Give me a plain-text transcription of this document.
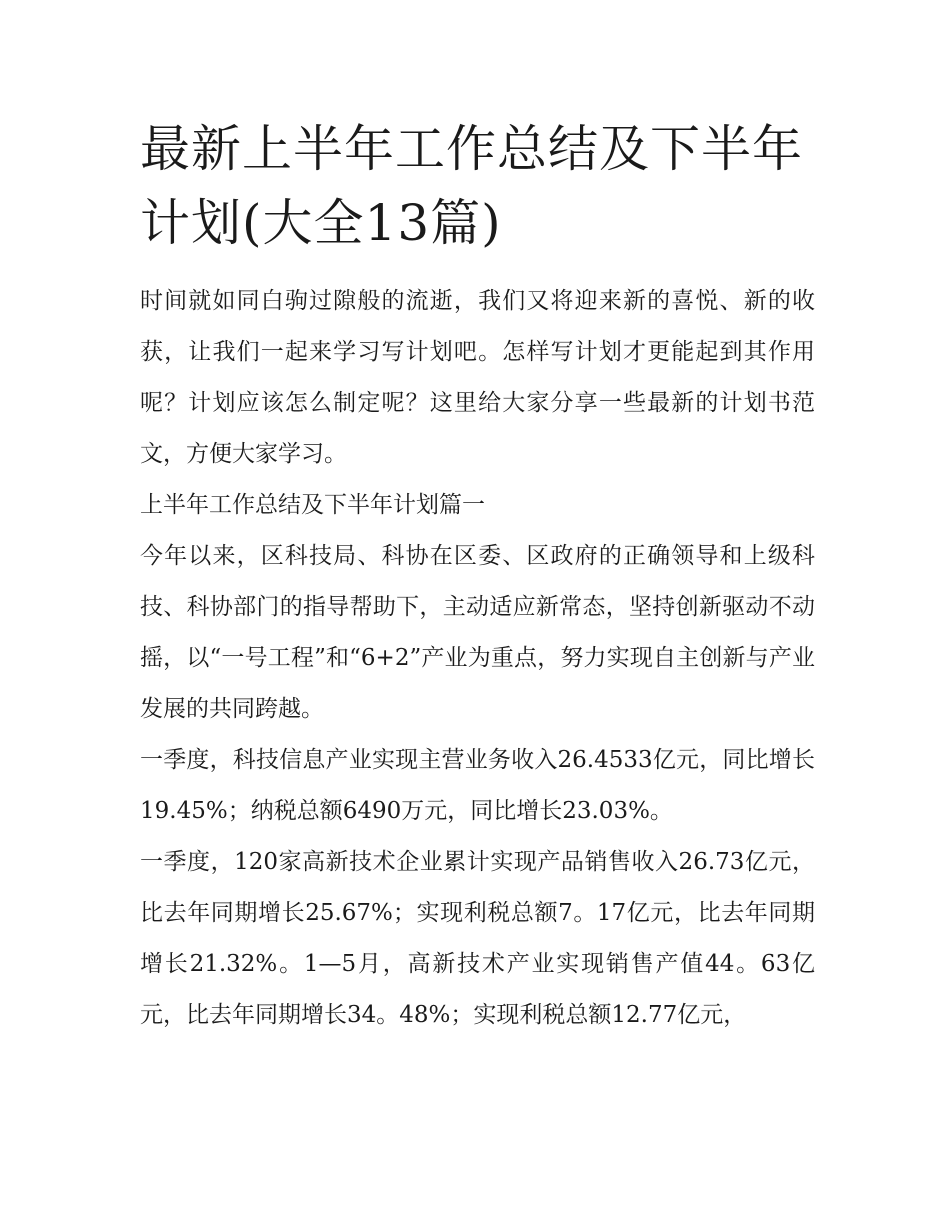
最新上半年工作总结及下半年计划(大全13篇)

时间就如同白驹过隙般的流逝，我们又将迎来新的喜悦、新的收获，让我们一起来学习写计划吧。怎样写计划才更能起到其作用呢？计划应该怎么制定呢？这里给大家分享一些最新的计划书范文，方便大家学习。

上半年工作总结及下半年计划篇一

今年以来，区科技局、科协在区委、区政府的正确领导和上级科技、科协部门的指导帮助下，主动适应新常态，坚持创新驱动不动摇，以“一号工程”和“6+2”产业为重点，努力实现自主创新与产业发展的共同跨越。

一季度，科技信息产业实现主营业务收入26.4533亿元，同比增长19.45%；纳税总额6490万元，同比增长23.03%。

一季度，120家高新技术企业累计实现产品销售收入26.73亿元，比去年同期增长25.67%；实现利税总额7。17亿元，比去年同期增长21.32%。1—5月，高新技术产业实现销售产值44。63亿元，比去年同期增长34。48%；实现利税总额12.77亿元，
